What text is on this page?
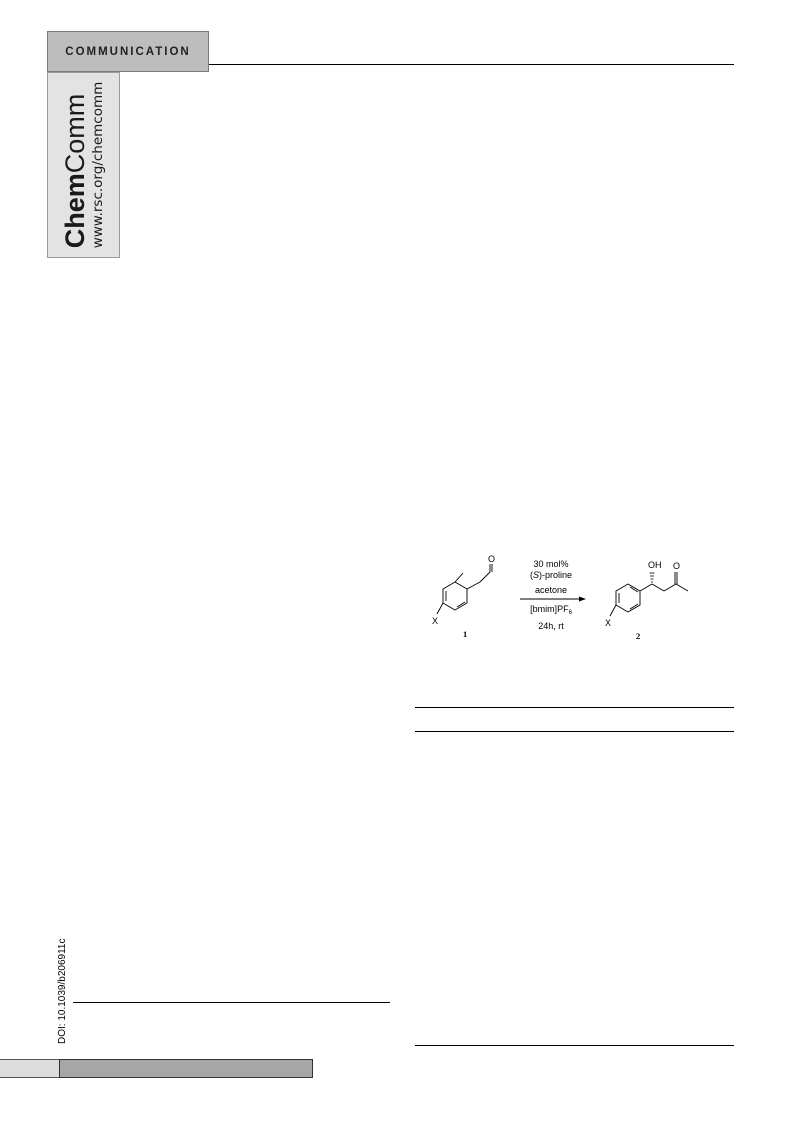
COMMUNICATION
ChemComm www.rsc.org/chemcomm
DOI: 10.1039/b206911c
O
X
1
30 mol%
(S)-proline
acetone
$[bmim]PF_6$
24h, rt
OH O
X
2
